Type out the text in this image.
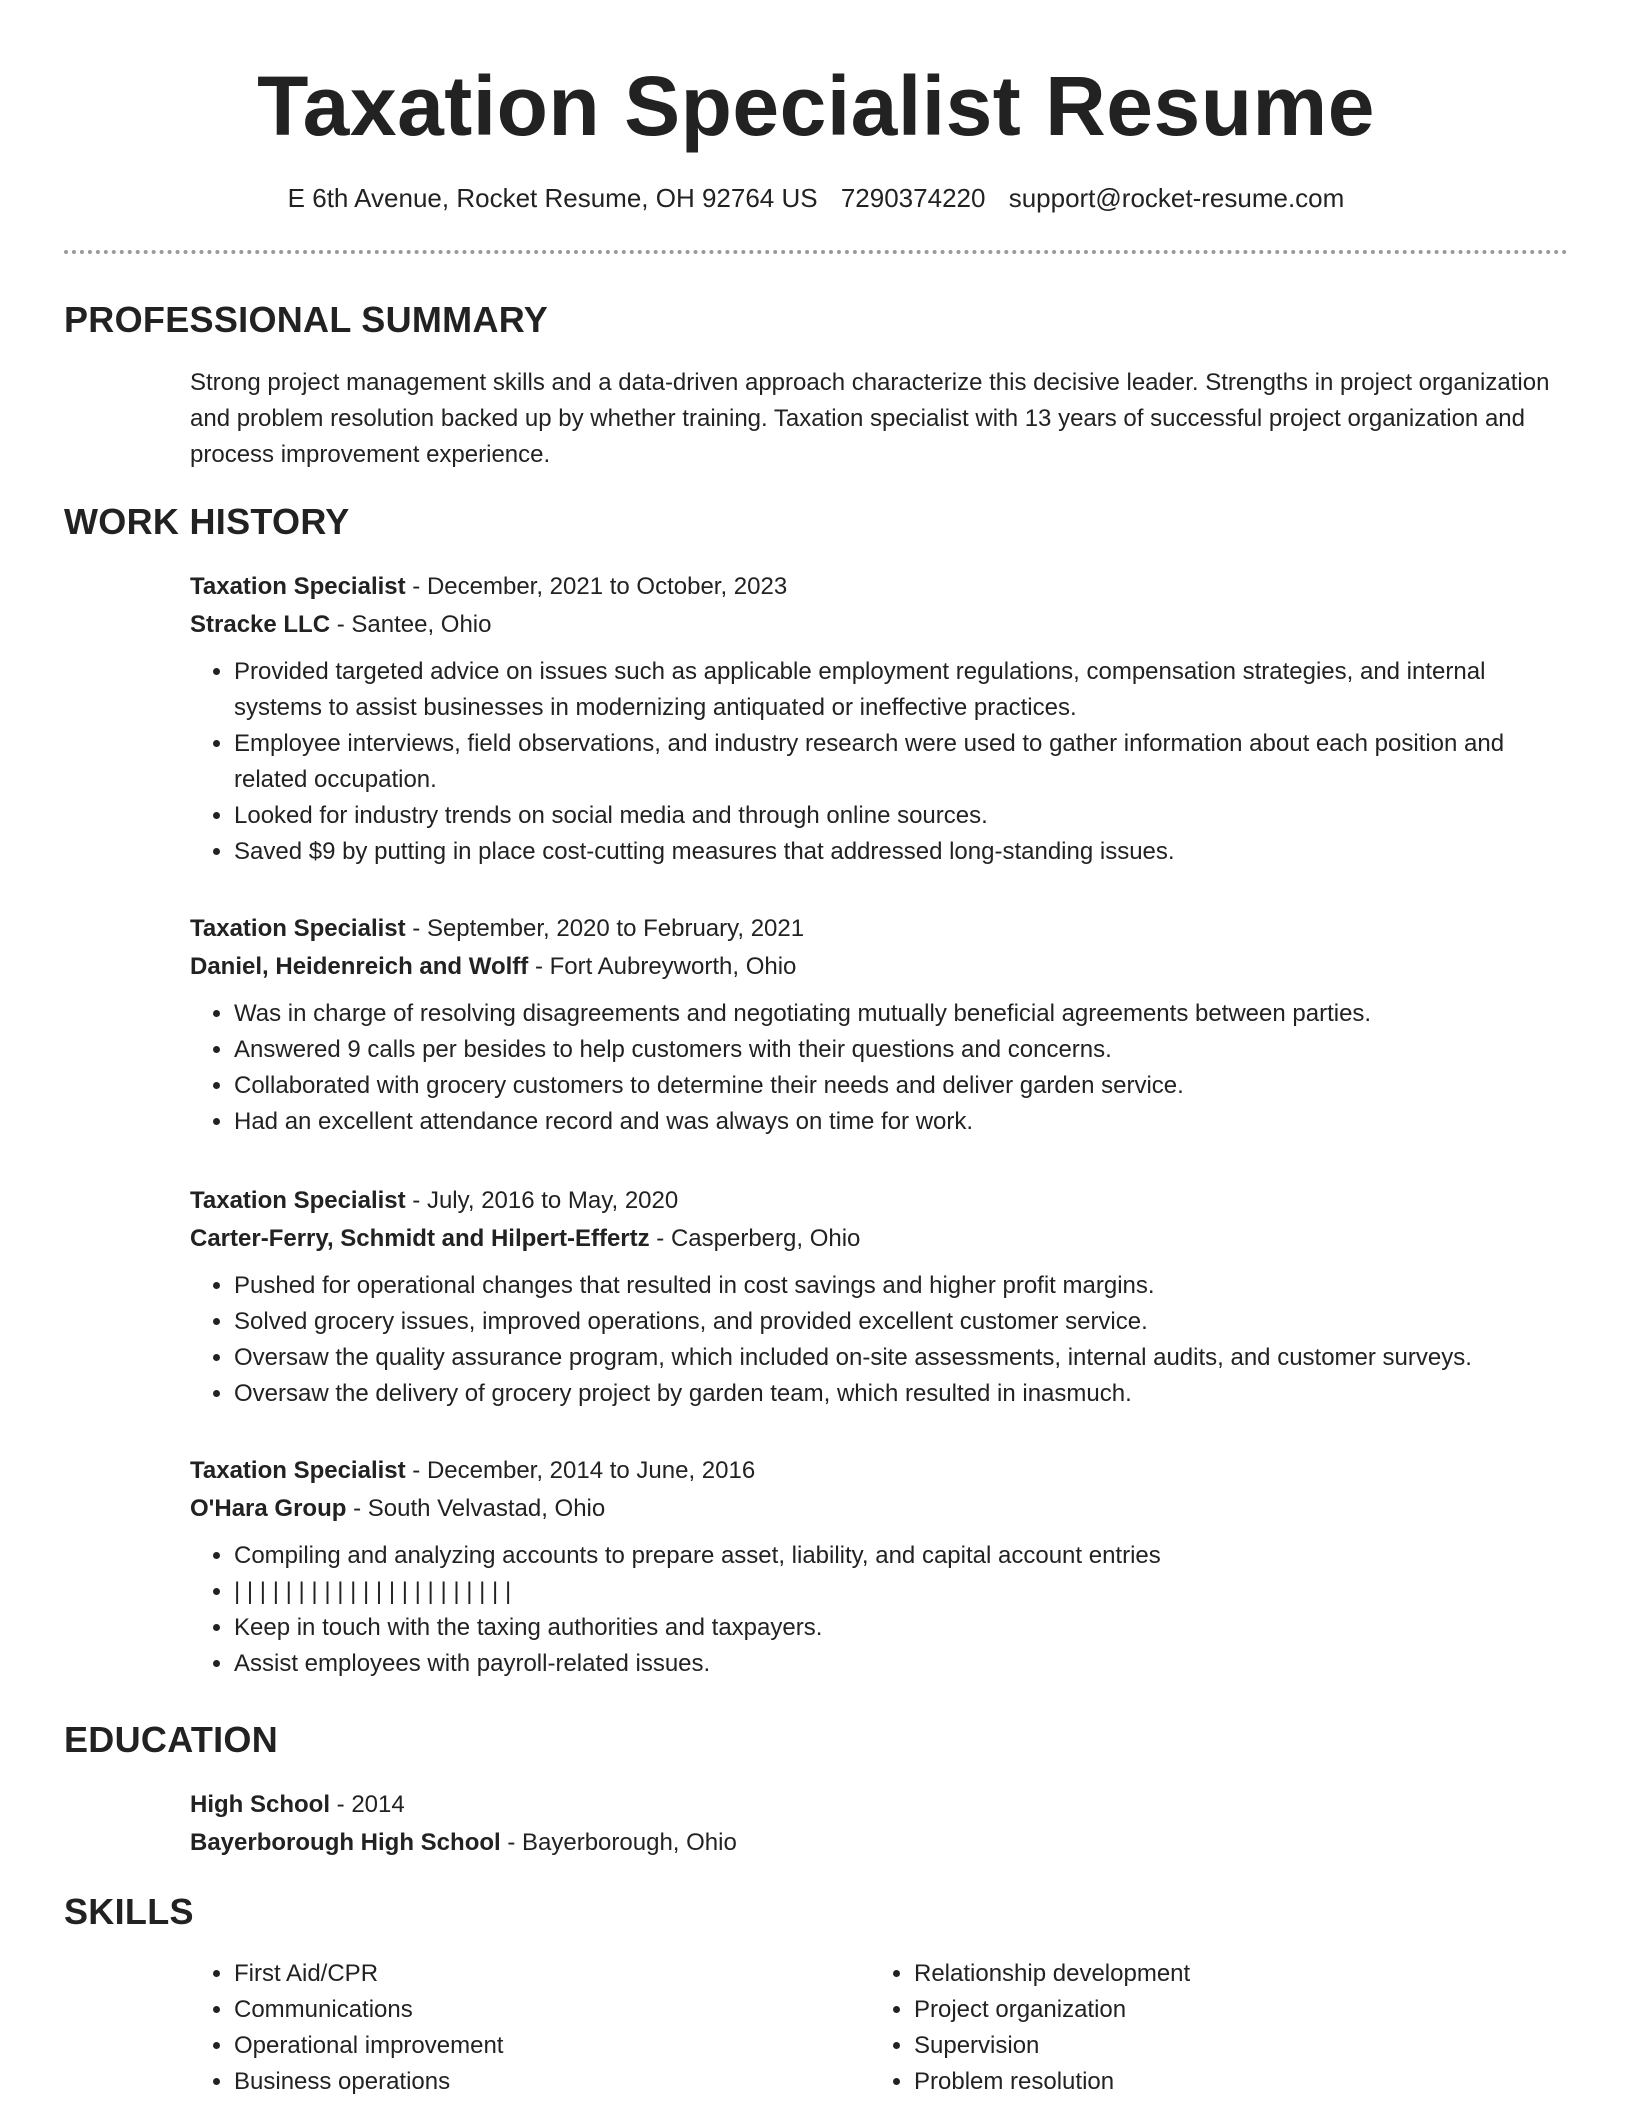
Taxation Specialist Resume
E 6th Avenue, Rocket Resume, OH 92764 US 7290374220 support@rocket-resume.com
PROFESSIONAL SUMMARY

Strong project management skills and a data-driven approach characterize this decisive leader. Strengths in project organization and problem resolution backed up by whether training. Taxation specialist with 13 years of successful project organization and process improvement experience.

WORK HISTORY
Taxation Specialist - December, 2021 to October, 2023
Stracke LLC - Santee, Ohio
• Provided targeted advice on issues such as applicable employment regulations, compensation strategies, and internal systems to assist businesses in modernizing antiquated or ineffective practices.
• Employee interviews, field observations, and industry research were used to gather information about each position and related occupation.
• Looked for industry trends on social media and through online sources.
• Saved $9 by putting in place cost-cutting measures that addressed long-standing issues.
Taxation Specialist - September, 2020 to February, 2021
Daniel, Heidenreich and Wolff - Fort Aubreyworth, Ohio
• Was in charge of resolving disagreements and negotiating mutually beneficial agreements between parties.
• Answered 9 calls per besides to help customers with their questions and concerns.
• Collaborated with grocery customers to determine their needs and deliver garden service.
• Had an excellent attendance record and was always on time for work.
Taxation Specialist - July, 2016 to May, 2020
Carter-Ferry, Schmidt and Hilpert-Effertz - Casperberg, Ohio
• Pushed for operational changes that resulted in cost savings and higher profit margins.
• Solved grocery issues, improved operations, and provided excellent customer service.
• Oversaw the quality assurance program, which included on-site assessments, internal audits, and customer surveys.
• Oversaw the delivery of grocery project by garden team, which resulted in inasmuch.
Taxation Specialist - December, 2014 to June, 2016
O'Hara Group - South Velvastad, Ohio
• Compiling and analyzing accounts to prepare asset, liability, and capital account entries
• | | | | | | | | | | | | | | | | | | | | | |
• Keep in touch with the taxing authorities and taxpayers.
• Assist employees with payroll-related issues.
EDUCATION
High School - 2014
Bayerborough High School - Bayerborough, Ohio
SKILLS
• First Aid/CPR
• Communications
• Operational improvement
• Business operations
• Relationship development
• Project organization
• Supervision
• Problem resolution
